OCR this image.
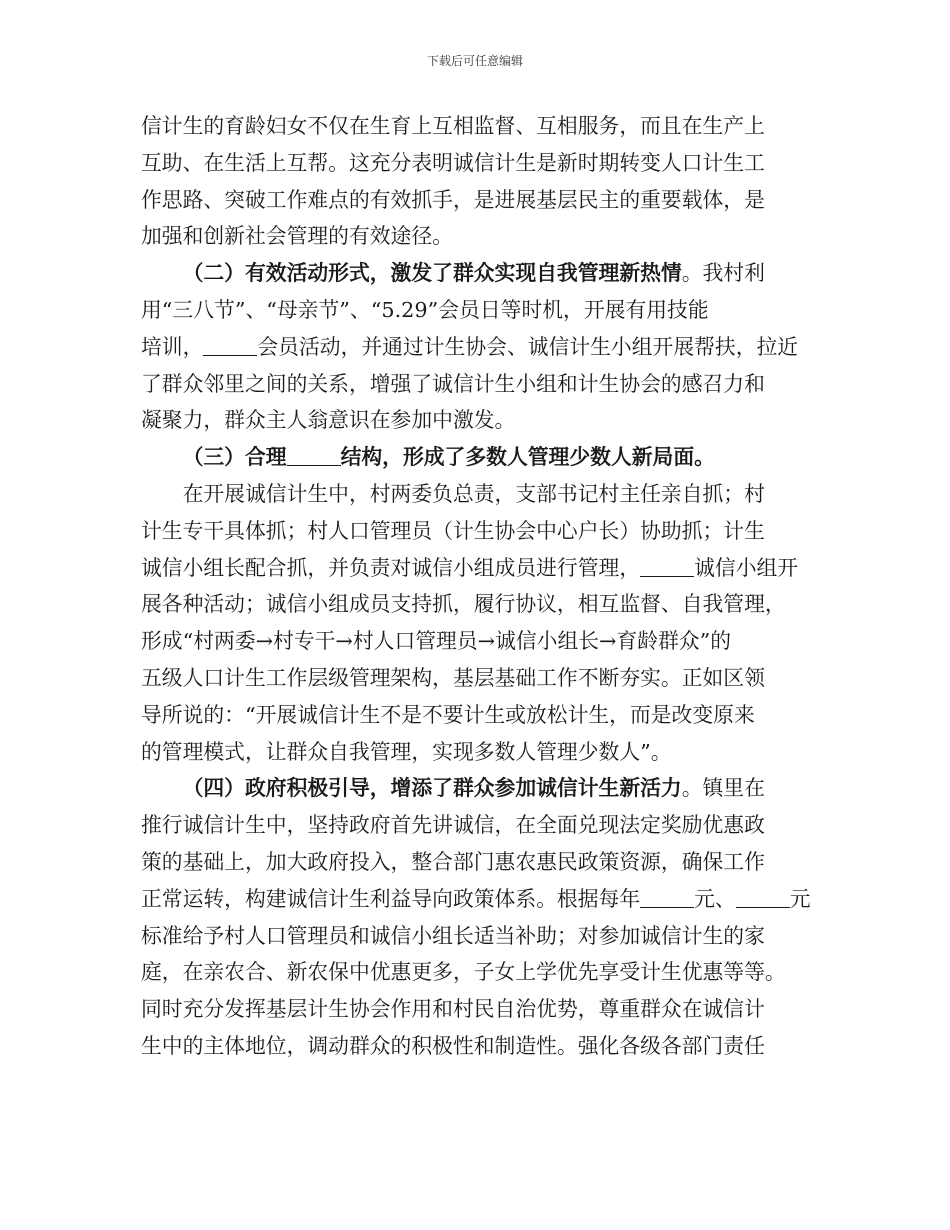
下载后可任意编辑

信计生的育龄妇女不仅在生育上互相监督、互相服务，而且在生产上
互助、在生活上互帮。这充分表明诚信计生是新时期转变人口计生工
作思路、突破工作难点的有效抓手，是进展基层民主的重要载体，是
加强和创新社会管理的有效途径。

（二）有效活动形式，激发了群众实现自我管理新热情。我村利
用“三八节”、“母亲节”、“5.29”会员日等时机，开展有用技能
培训，	会员活动，并通过计生协会、诚信计生小组开展帮扶，拉近
了群众邻里之间的关系，增强了诚信计生小组和计生协会的感召力和
凝聚力，群众主人翁意识在参加中激发。

（三）合理	结构，形成了多数人管理少数人新局面。

在开展诚信计生中，村两委负总责，支部书记村主任亲自抓；村
计生专干具体抓；村人口管理员（计生协会中心户长）协助抓；计生
诚信小组长配合抓，并负责对诚信小组成员进行管理，	诚信小组开
展各种活动；诚信小组成员支持抓，履行协议，相互监督、自我管理，
形成“村两委→村专干→村人口管理员→诚信小组长→育龄群众”的
五级人口计生工作层级管理架构，基层基础工作不断夯实。正如区领
导所说的：“开展诚信计生不是不要计生或放松计生，而是改变原来
的管理模式，让群众自我管理，实现多数人管理少数人”。

（四）政府积极引导，增添了群众参加诚信计生新活力。镇里在
推行诚信计生中，坚持政府首先讲诚信，在全面兑现法定奖励优惠政
策的基础上，加大政府投入，整合部门惠农惠民政策资源，确保工作
正常运转，构建诚信计生利益导向政策体系。根据每年	元、	元
标准给予村人口管理员和诚信小组长适当补助；对参加诚信计生的家
庭，在亲农合、新农保中优惠更多，子女上学优先享受计生优惠等等。
同时充分发挥基层计生协会作用和村民自治优势，尊重群众在诚信计
生中的主体地位，调动群众的积极性和制造性。强化各级各部门责任
